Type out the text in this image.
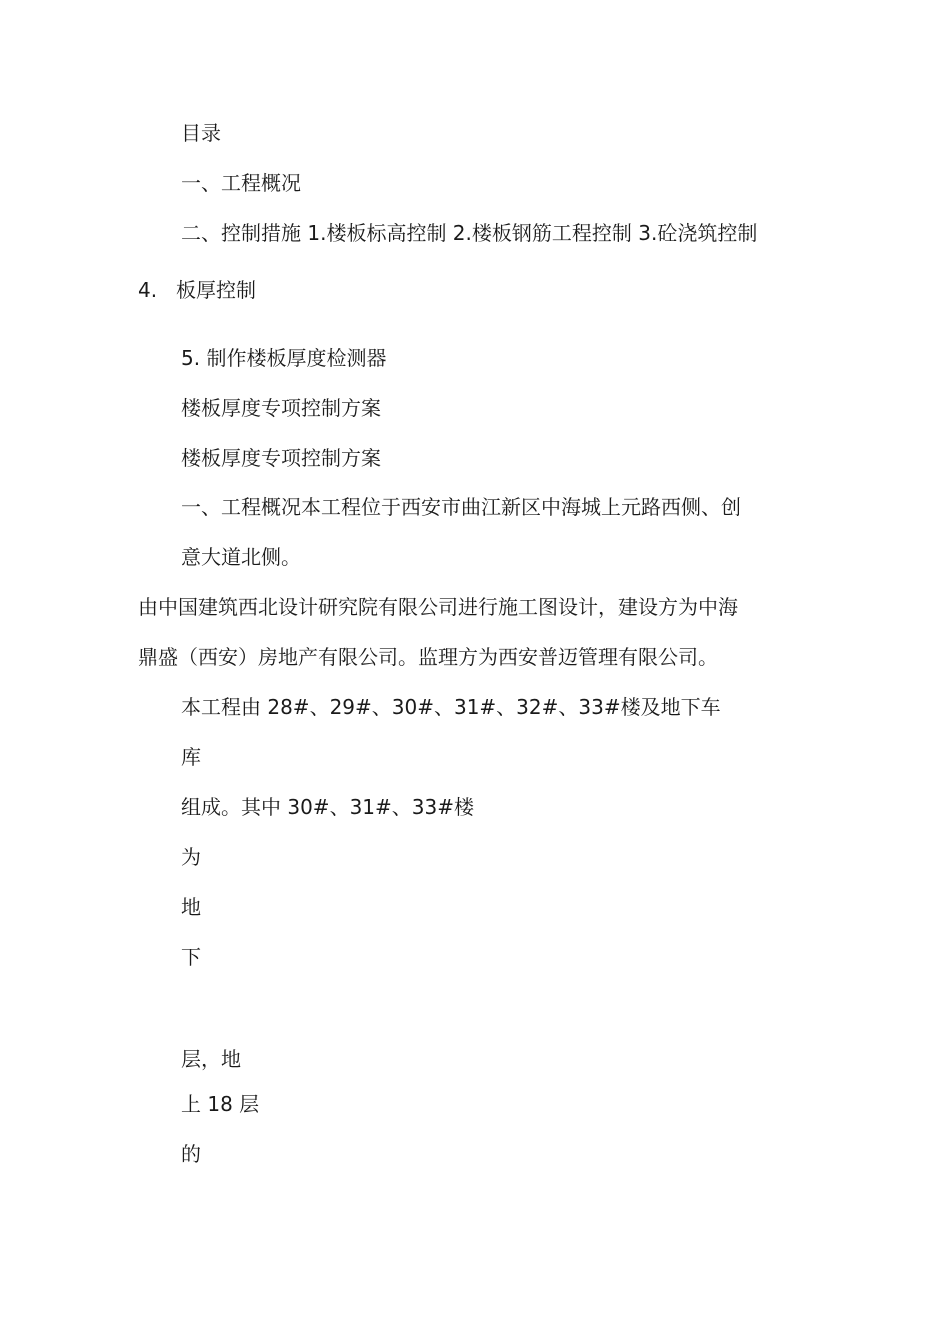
目录
一、工程概况
二、控制措施 1.楼板标高控制 2.楼板钢筋工程控制 3.砼浇筑控制
4. 板厚控制
5. 制作楼板厚度检测器
楼板厚度专项控制方案
楼板厚度专项控制方案
一、工程概况本工程位于西安市曲江新区中海城上元路西侧、创
意大道北侧。
由中国建筑西北设计研究院有限公司进行施工图设计，建设方为中海
鼎盛（西安）房地产有限公司。监理方为西安普迈管理有限公司。
本工程由 28#、29#、30#、31#、32#、33#楼及地下车
库
组成。其中 30#、31#、33#楼
为
地
下
层，地
上 18 层
的
